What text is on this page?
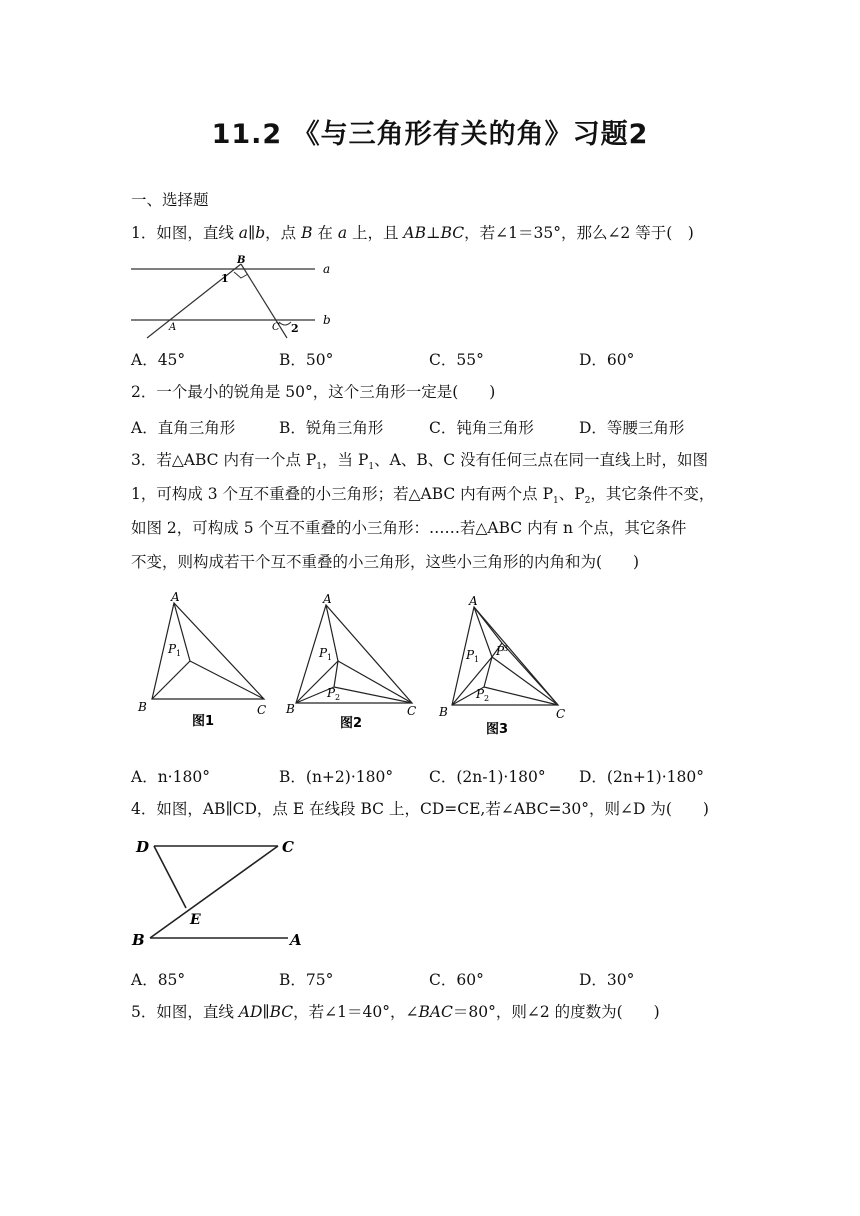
11.2 《与三角形有关的角》习题2
一、选择题
1．如图，直线 a∥b，点 B 在 a 上，且 AB⊥BC，若∠1＝35°，那么∠2 等于(　)
a
b
B
A	C
1
2
A．45°	B．50°	C．55°	D．60°
2．一个最小的锐角是 50°，这个三角形一定是(　　)
A．直角三角形	B．锐角三角形	C．钝角三角形	D．等腰三角形
3．若△ABC 内有一个点 $P_1$，当 $P_1$、A、B、C 没有任何三点在同一直线上时，如图
1，可构成 3 个互不重叠的小三角形；若△ABC 内有两个点 $P_1$、$P_2$，其它条件不变，
如图 2，可构成 5 个互不重叠的小三角形：……若△ABC 内有 n 个点，其它条件
不变，则构成若干个互不重叠的小三角形，这些小三角形的内角和为(　　)
A
P 1
B	C
图1
A
P 1
P 2
B	C
图2
A
P 1
P
3
P 2
B	C
图3
A．n·180°	B．(n+2)·180° C．(2n-1)·180° D．(2n+1)·180°
4．如图，AB∥CD，点 E 在线段 BC 上，CD=CE,若∠ABC=30°，则∠D 为(　　)
D	C
E
B	A
A．85°	B．75°	C．60°	D．30°
5．如图，直线 AD∥BC，若∠1＝40°，∠BAC＝80°，则∠2 的度数为(　　)
